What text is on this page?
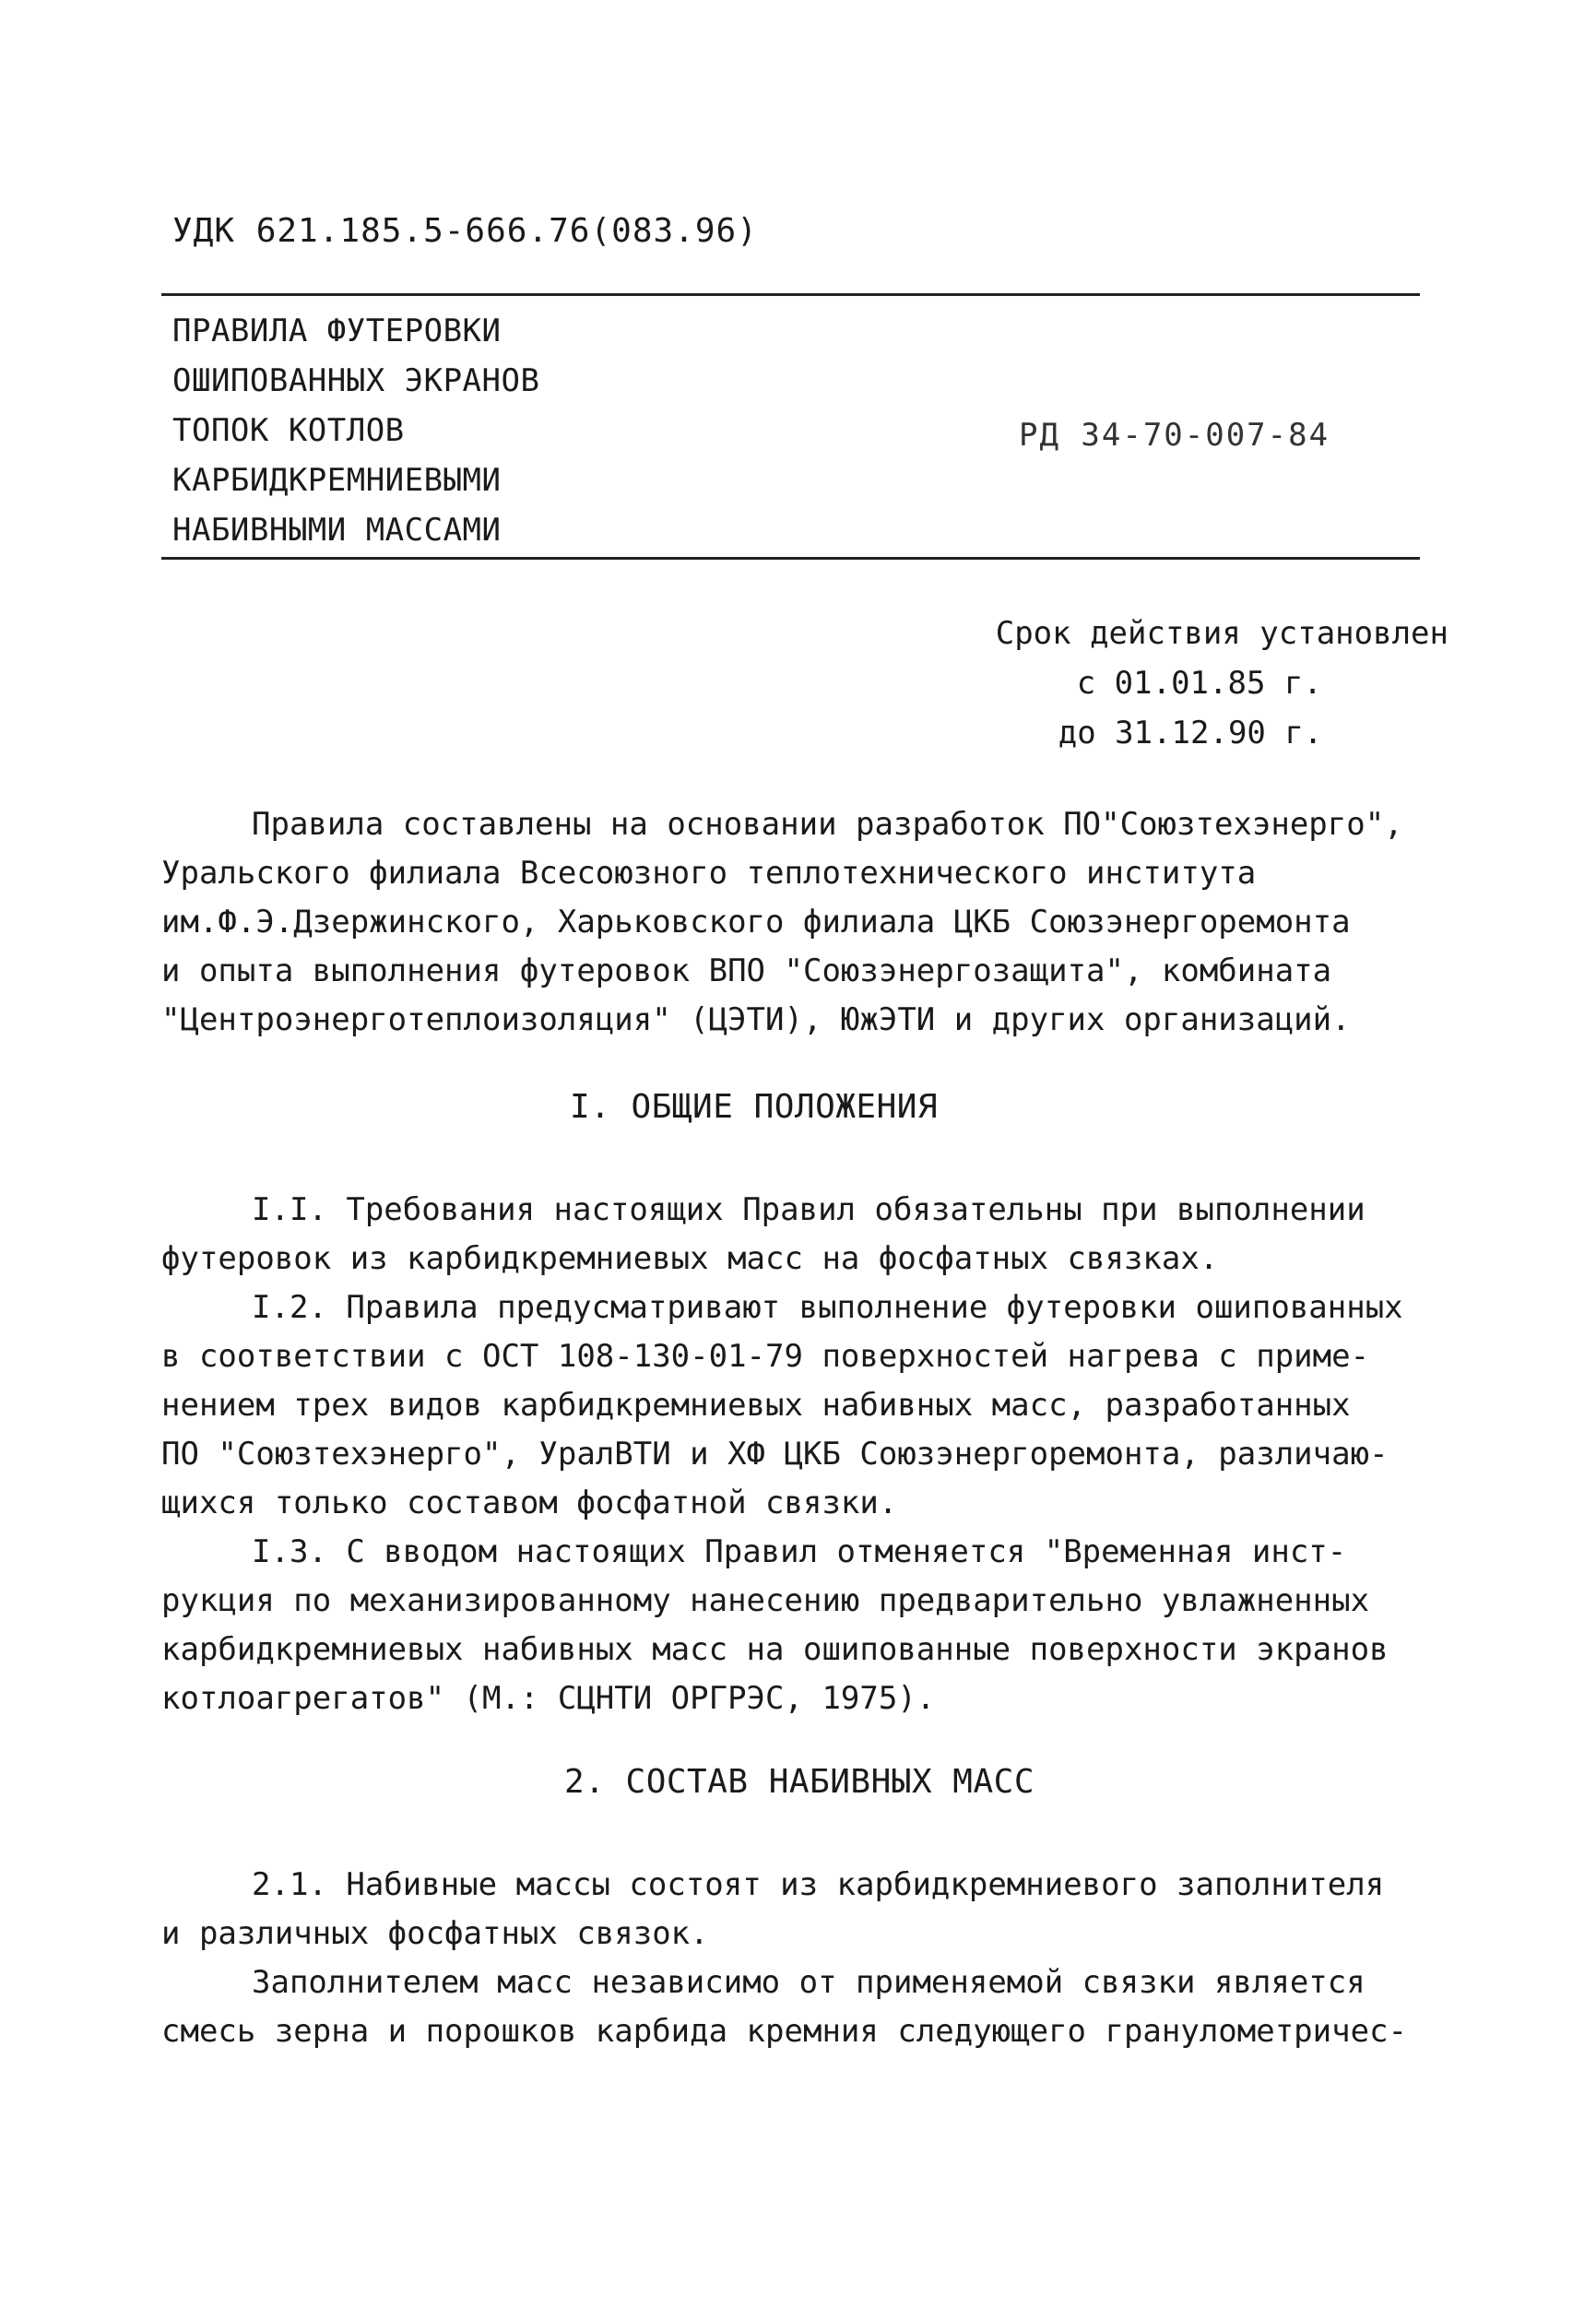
УДК 621.185.5-666.76(083.96)
ПРАВИЛА ФУТЕРОВКИ
ОШИПОВАННЫХ ЭКРАНОВ
ТОПОК КОТЛОВ
КАРБИДКРЕМНИЕВЫМИ
НАБИВНЫМИ МАССАМИ
РД 34-70-007-84
Срок действия установлен
с 01.01.85 г.
до 31.12.90 г.
Правила составлены на основании разработок ПО"Союзтехэнерго",
Уральского филиала Всесоюзного теплотехнического института
им.Ф.Э.Дзержинского, Харьковского филиала ЦКБ Союзэнергоремонта
и опыта выполнения футеровок ВПО "Союзэнергозащита", комбината
"Центроэнерготеплоизоляция" (ЦЭТИ), ЮжЭТИ и других организаций.
I. ОБЩИЕ ПОЛОЖЕНИЯ
I.I. Требования настоящих Правил обязательны при выполнении
футеровок из карбидкремниевых масс на фосфатных связках.
I.2. Правила предусматривают выполнение футеровки ошипованных
в соответствии с ОСТ 108-130-01-79 поверхностей нагрева с приме-
нением трех видов карбидкремниевых набивных масс, разработанных
ПО "Союзтехэнерго", УралВТИ и ХФ ЦКБ Союзэнергоремонта, различаю-
щихся только составом фосфатной связки.
I.3. С вводом настоящих Правил отменяется "Временная инст-
рукция по механизированному нанесению предварительно увлажненных
карбидкремниевых набивных масс на ошипованные поверхности экранов
котлоагрегатов" (М.: СЦНТИ ОРГРЭС, 1975).
2. СОСТАВ НАБИВНЫХ МАСС
2.1. Набивные массы состоят из карбидкремниевого заполнителя
и различных фосфатных связок.
Заполнителем масс независимо от применяемой связки является
смесь зерна и порошков карбида кремния следующего гранулометричес-
